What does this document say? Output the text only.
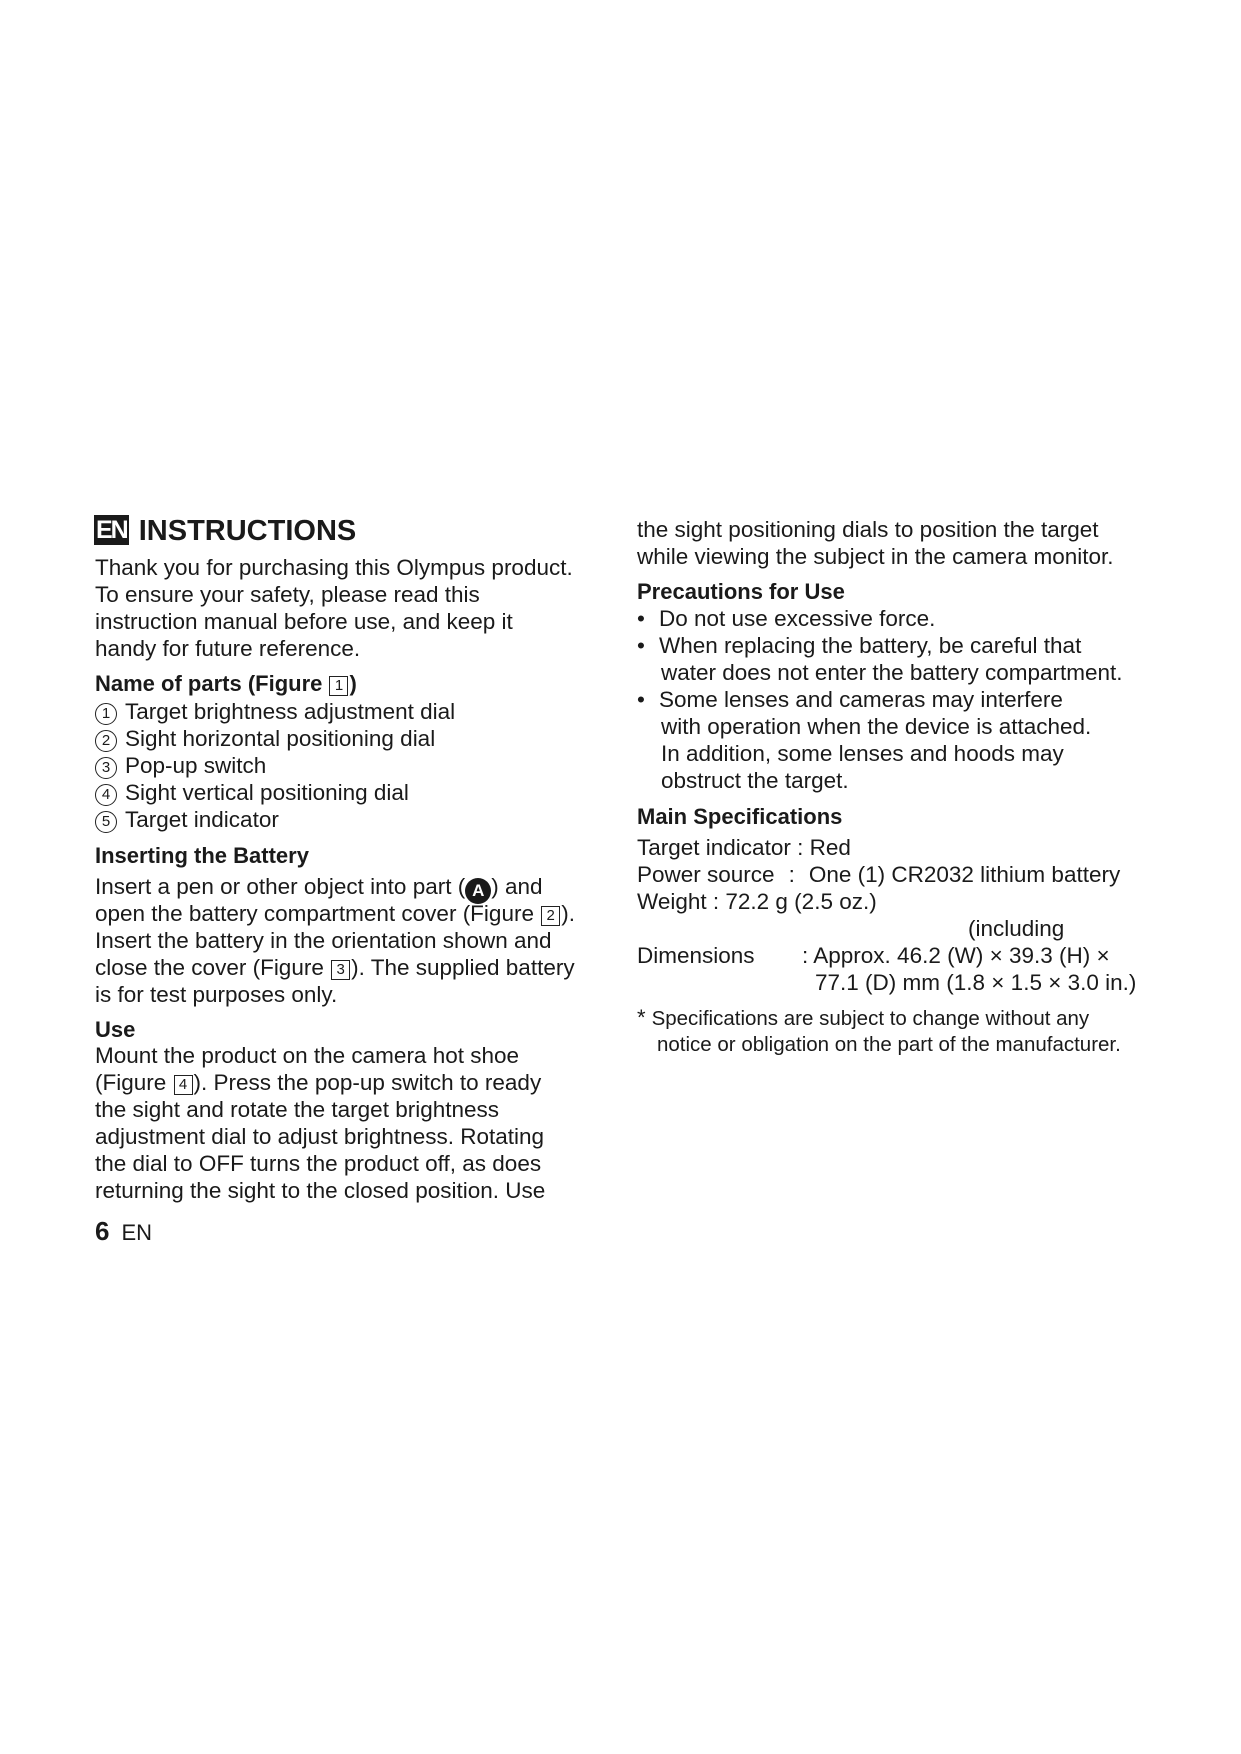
EN INSTRUCTIONS
Thank you for purchasing this Olympus product.
To ensure your safety, please read this
instruction manual before use, and keep it
handy for future reference.
Name of parts (Figure 1 )
1 Target brightness adjustment dial
2 Sight horizontal positioning dial
3 Pop-up switch
4 Sight vertical positioning dial
5 Target indicator
Inserting the Battery
Insert a pen or other object into part ( A ) and
open the battery compartment cover (Figure 2 ).
Insert the battery in the orientation shown and
close the cover (Figure 3 ). The supplied battery
is for test purposes only.
Use
Mount the product on the camera hot shoe
(Figure 4 ). Press the pop-up switch to ready
the sight and rotate the target brightness
adjustment dial to adjust brightness. Rotating
the dial to OFF turns the product off, as does
returning the sight to the closed position. Use
6 EN
the sight positioning dials to position the target
while viewing the subject in the camera monitor.
Precautions for Use
• Do not use excessive force.
• When replacing the battery, be careful that
water does not enter the battery compartment.
• Some lenses and cameras may interfere
with operation when the device is attached.
In addition, some lenses and hoods may
obstruct the target.
Main Specifications
Target indicator : Red
Power source : One (1) CR2032 lithium battery
Weight : 72.2 g (2.5 oz.)
(including
Dimensions : Approx. 46.2 (W) × 39.3 (H) ×
77.1 (D) mm (1.8 × 1.5 × 3.0 in.)
* Specifications are subject to change without any
notice or obligation on the part of the manufacturer.
